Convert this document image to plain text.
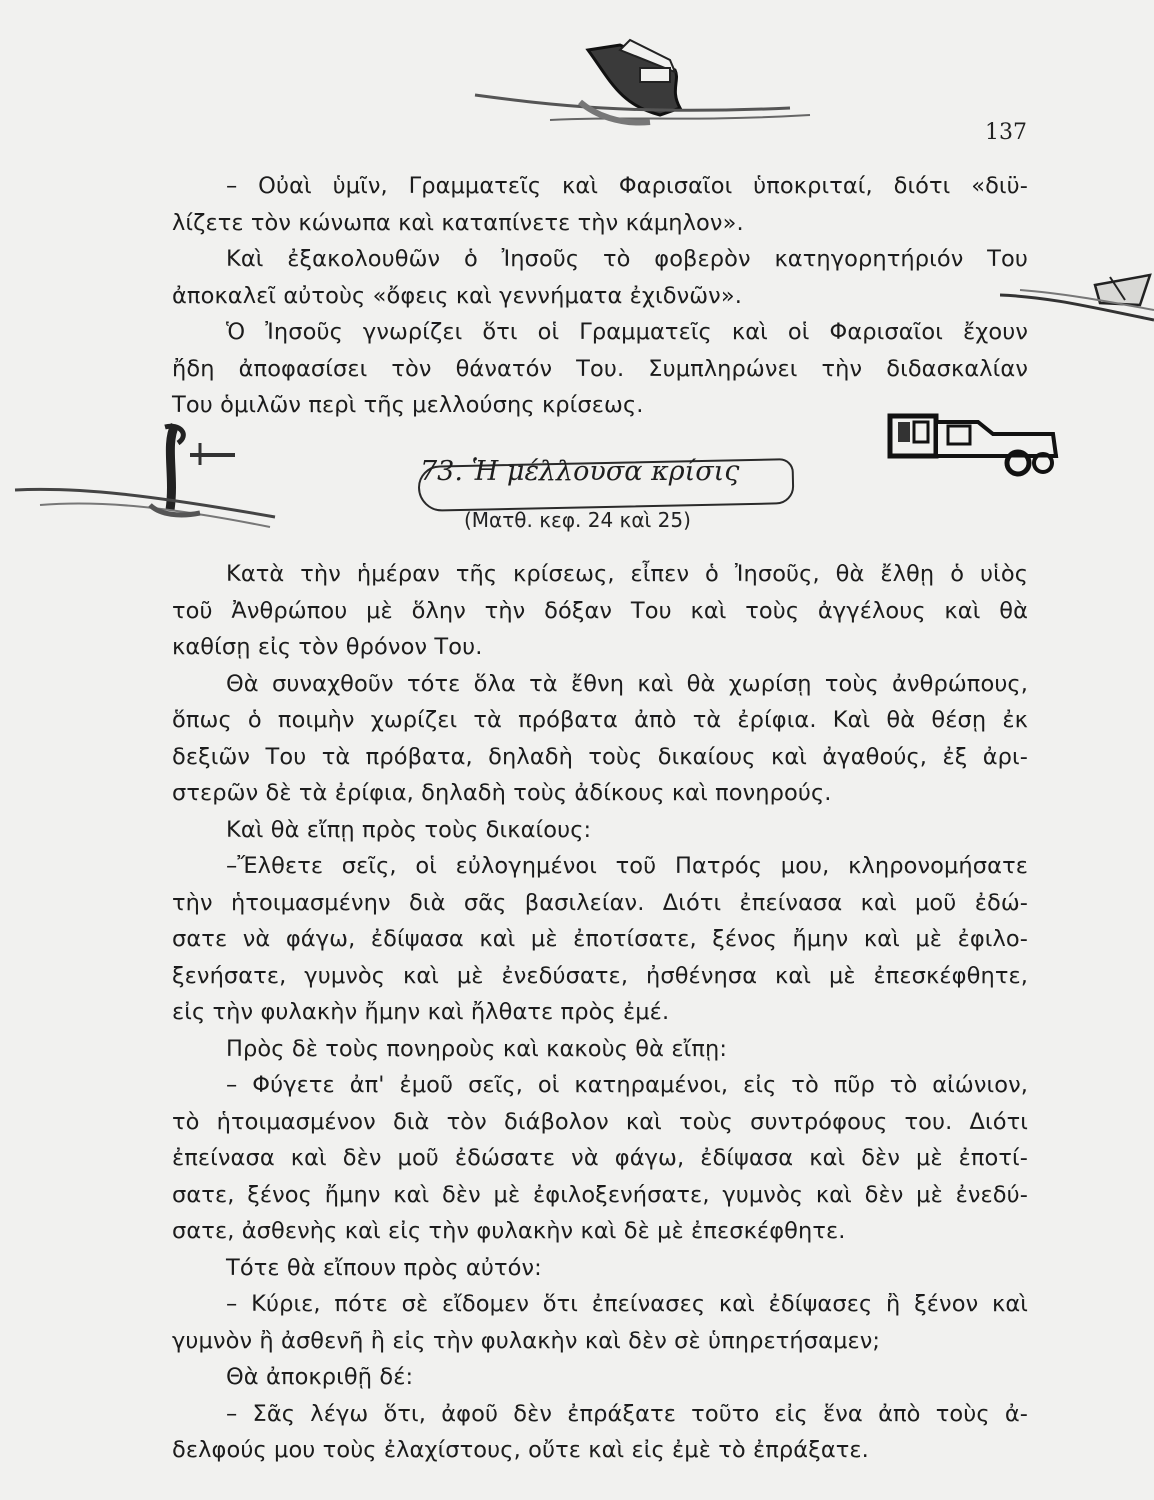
137
– Οὐαὶ ὑμῖν, Γραμματεῖς καὶ Φαρισαῖοι ὑποκριταί, διότι «διϋ-
λίζετε τὸν κώνωπα καὶ καταπίνετε τὴν κάμηλον».
Καὶ ἐξακολουθῶν ὁ Ἰησοῦς τὸ φοβερὸν κατηγορητήριόν Του
ἀποκαλεῖ αὐτοὺς «ὄφεις καὶ γεννήματα ἐχιδνῶν».
Ὁ Ἰησοῦς γνωρίζει ὅτι οἱ Γραμματεῖς καὶ οἱ Φαρισαῖοι ἔχουν
ἤδη ἀποφασίσει τὸν θάνατόν Του. Συμπληρώνει τὴν διδασκαλίαν
Του ὁμιλῶν περὶ τῆς μελλούσης κρίσεως.
73. Ἡ μέλλουσα κρίσις
(Ματθ. κεφ. 24 καὶ 25)
Κατὰ τὴν ἡμέραν τῆς κρίσεως, εἶπεν ὁ Ἰησοῦς, θὰ ἔλθῃ ὁ υἱὸς
τοῦ Ἀνθρώπου μὲ ὅλην τὴν δόξαν Του καὶ τοὺς ἀγγέλους καὶ θὰ
καθίσῃ εἰς τὸν θρόνον Του.
Θὰ συναχθοῦν τότε ὅλα τὰ ἔθνη καὶ θὰ χωρίσῃ τοὺς ἀνθρώπους,
ὅπως ὁ ποιμὴν χωρίζει τὰ πρόβατα ἀπὸ τὰ ἐρίφια. Καὶ θὰ θέσῃ ἐκ
δεξιῶν Του τὰ πρόβατα, δηλαδὴ τοὺς δικαίους καὶ ἀγαθούς, ἐξ ἀρι-
στερῶν δὲ τὰ ἐρίφια, δηλαδὴ τοὺς ἀδίκους καὶ πονηρούς.
Καὶ θὰ εἴπῃ πρὸς τοὺς δικαίους:
–Ἔλθετε σεῖς, οἱ εὐλογημένοι τοῦ Πατρός μου, κληρονομήσατε
τὴν ἡτοιμασμένην διὰ σᾶς βασιλείαν. Διότι ἐπείνασα καὶ μοῦ ἐδώ-
σατε νὰ φάγω, ἐδίψασα καὶ μὲ ἐποτίσατε, ξένος ἤμην καὶ μὲ ἐφιλο-
ξενήσατε, γυμνὸς καὶ μὲ ἐνεδύσατε, ἠσθένησα καὶ μὲ ἐπεσκέφθητε,
εἰς τὴν φυλακὴν ἤμην καὶ ἤλθατε πρὸς ἐμέ.
Πρὸς δὲ τοὺς πονηροὺς καὶ κακοὺς θὰ εἴπῃ:
– Φύγετε ἀπ' ἐμοῦ σεῖς, οἱ κατηραμένοι, εἰς τὸ πῦρ τὸ αἰώνιον,
τὸ ἡτοιμασμένον διὰ τὸν διάβολον καὶ τοὺς συντρόφους του. Διότι
ἐπείνασα καὶ δὲν μοῦ ἐδώσατε νὰ φάγω, ἐδίψασα καὶ δὲν μὲ ἐποτί-
σατε, ξένος ἤμην καὶ δὲν μὲ ἐφιλοξενήσατε, γυμνὸς καὶ δὲν μὲ ἐνεδύ-
σατε, ἀσθενὴς καὶ εἰς τὴν φυλακὴν καὶ δὲ μὲ ἐπεσκέφθητε.
Τότε θὰ εἴπουν πρὸς αὐτόν:
– Κύριε, πότε σὲ εἴδομεν ὅτι ἐπείνασες καὶ ἐδίψασες ἢ ξένον καὶ
γυμνὸν ἢ ἀσθενῆ ἢ εἰς τὴν φυλακὴν καὶ δὲν σὲ ὑπηρετήσαμεν;
Θὰ ἀποκριθῇ δέ:
– Σᾶς λέγω ὅτι, ἀφοῦ δὲν ἐπράξατε τοῦτο εἰς ἕνα ἀπὸ τοὺς ἀ-
δελφούς μου τοὺς ἐλαχίστους, οὔτε καὶ εἰς ἐμὲ τὸ ἐπράξατε.
